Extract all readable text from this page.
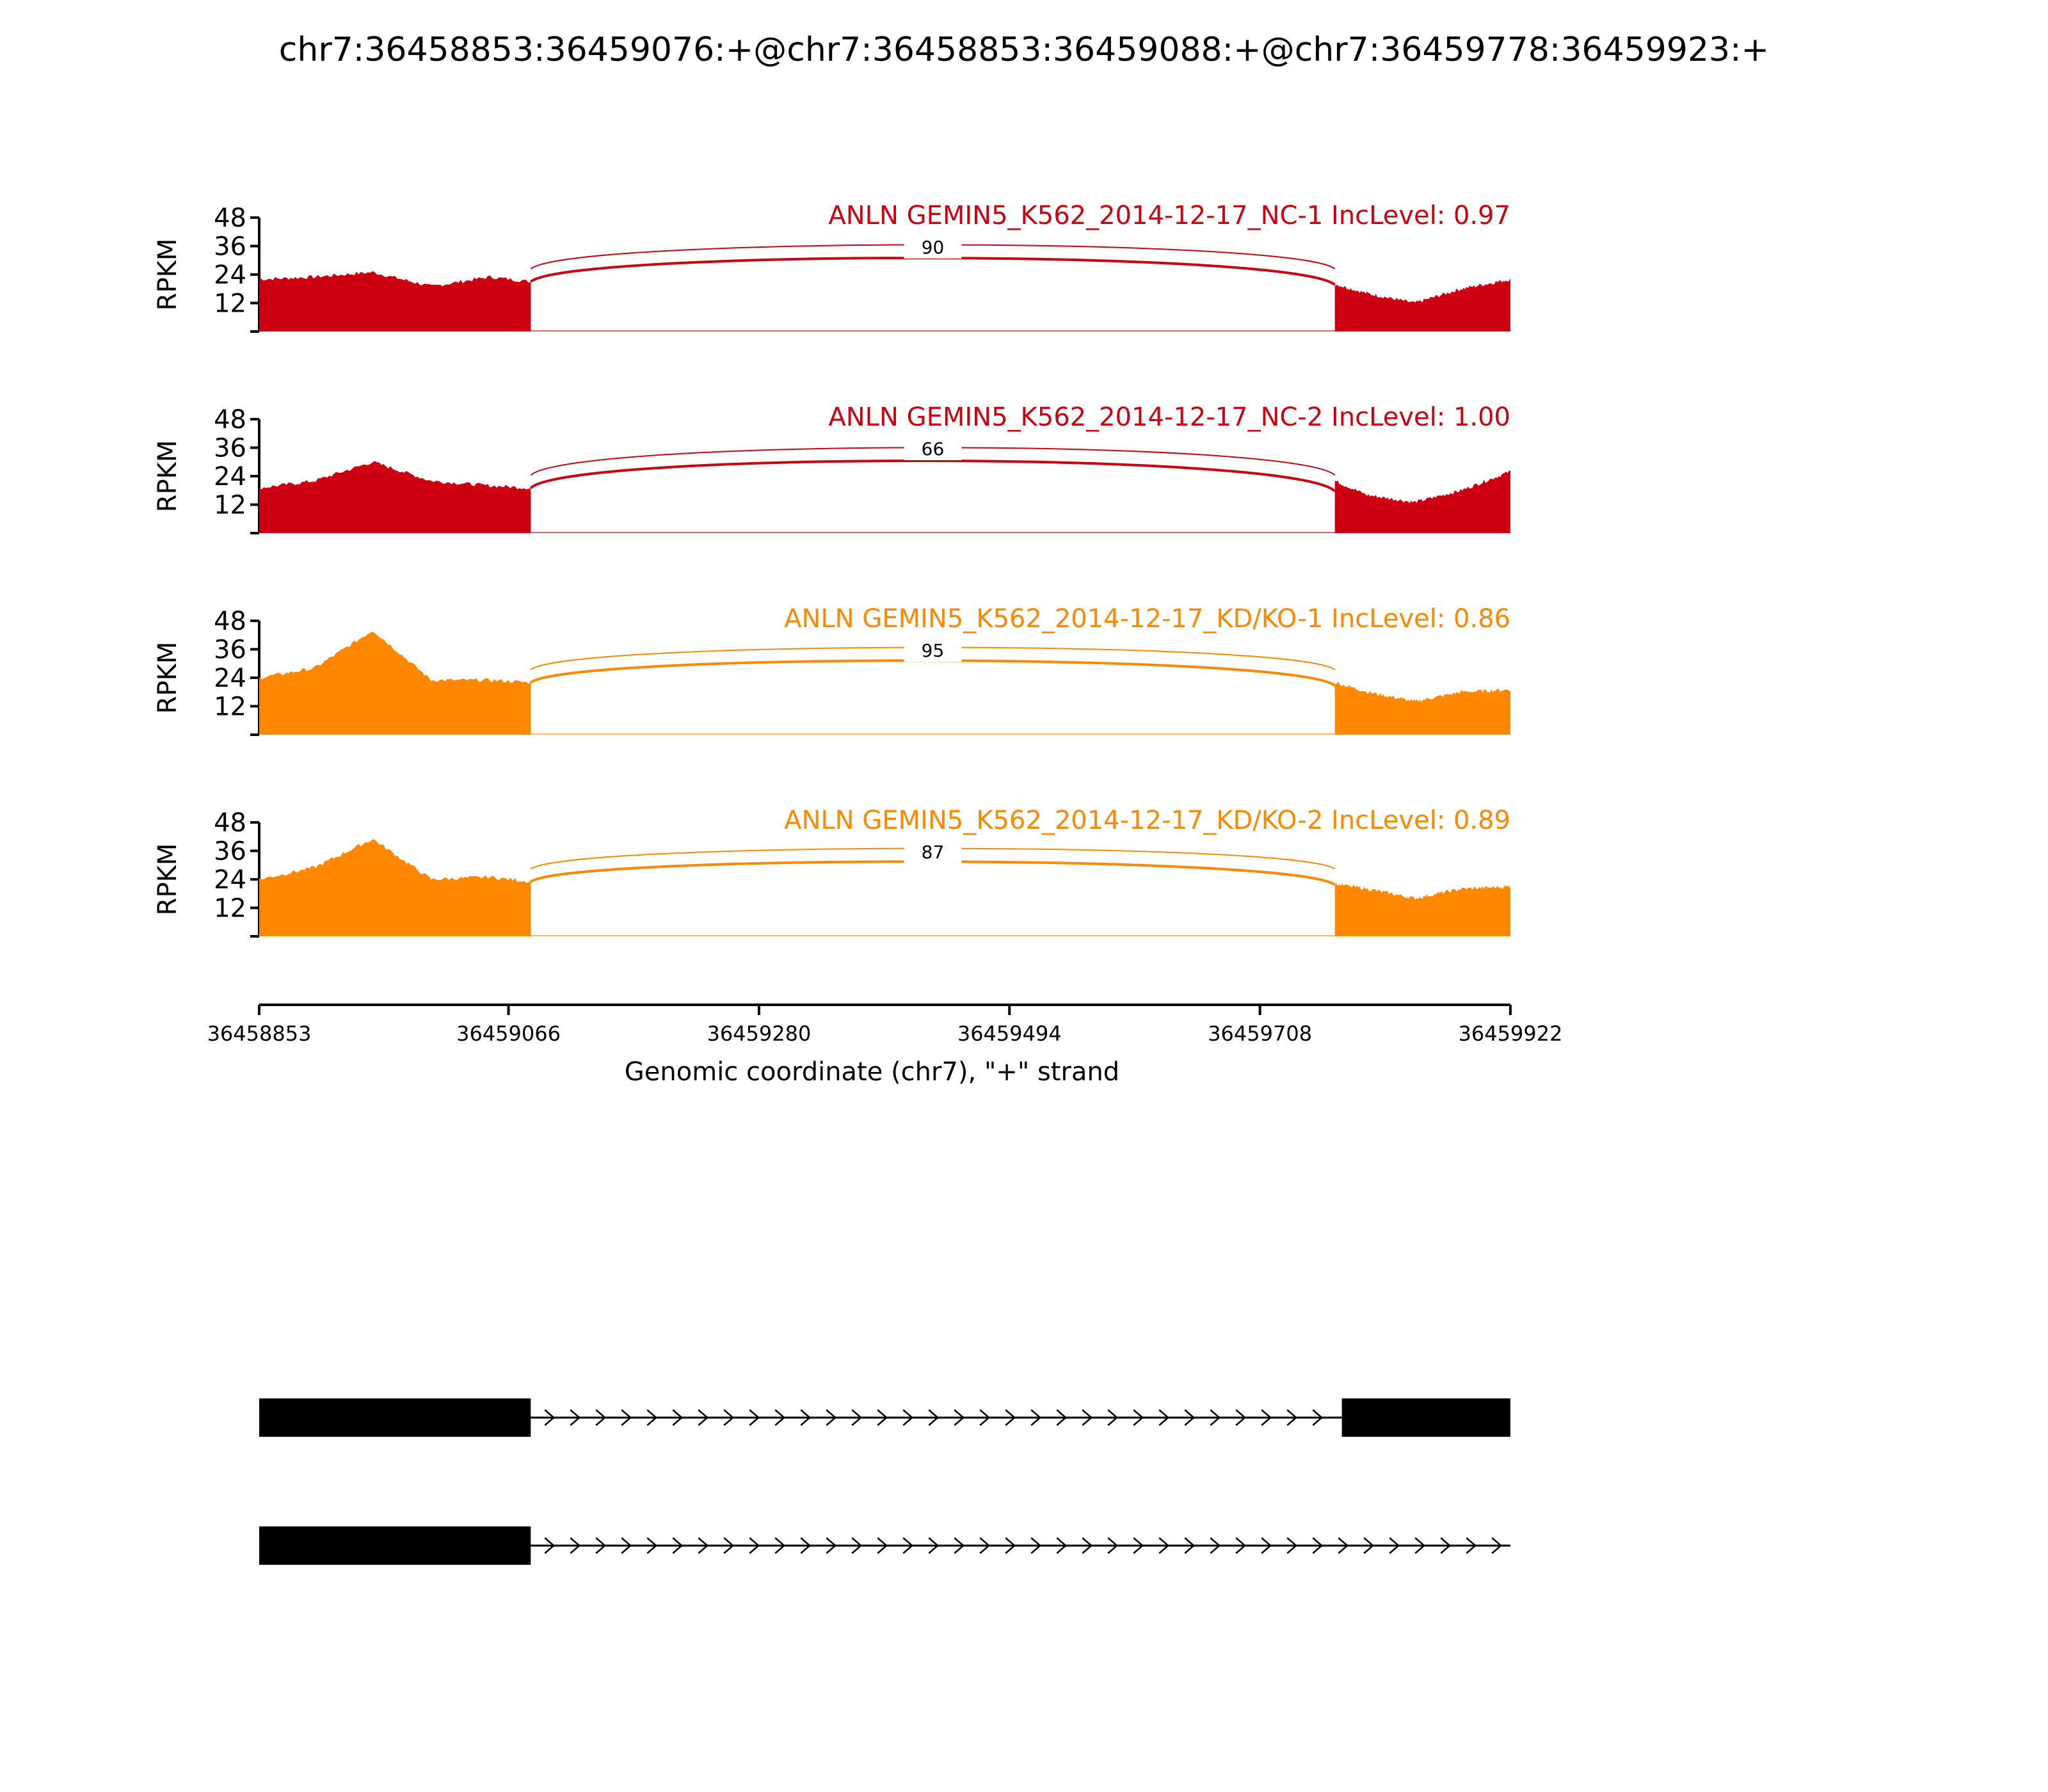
chr7:36458853:36459076:+@chr7:36458853:36459088:+@chr7:36459778:36459923:+
12
24
36
48
RPKM	90
ANLN GEMIN5_K562_2014-12-17_NC-1 IncLevel: 0.97
12
24
36
48
RPKM	66
ANLN GEMIN5_K562_2014-12-17_NC-2 IncLevel: 1.00
12
24
36
48
RPKM	95
ANLN GEMIN5_K562_2014-12-17_KD/KO-1 IncLevel: 0.86
12
24
36
48
RPKM	87
ANLN GEMIN5_K562_2014-12-17_KD/KO-2 IncLevel: 0.89
36458853	36459066	36459280	36459494	36459708	36459922
Genomic coordinate (chr7), "+" strand
